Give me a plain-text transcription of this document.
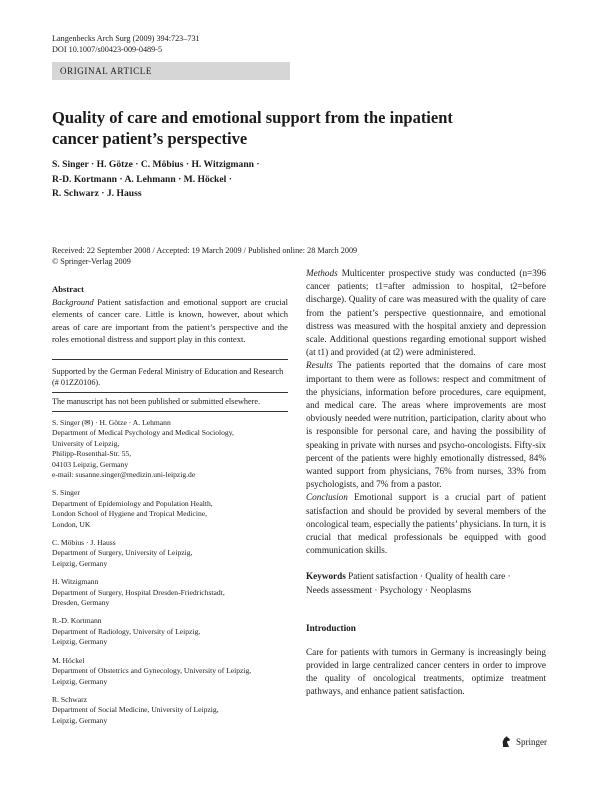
Langenbecks Arch Surg (2009) 394:723–731
DOI 10.1007/s00423-009-0489-5
ORIGINAL ARTICLE
Quality of care and emotional support from the inpatient
cancer patient’s perspective
S. Singer · H. Götze · C. Möbius · H. Witzigmann ·
R-D. Kortmann · A. Lehmann · M. Höckel ·
R. Schwarz · J. Hauss
Received: 22 September 2008 / Accepted: 19 March 2009 / Published online: 28 March 2009
© Springer-Verlag 2009

Abstract
Background Patient satisfaction and emotional support are crucial elements of cancer care. Little is known, however, about which areas of care are important from the patient’s perspective and the roles emotional distress and support play in this context.

Supported by the German Federal Ministry of Education and Research
(# 01ZZ0106).
The manuscript has not been published or submitted elsewhere.
S. Singer (✉) · H. Götze · A. Lehmann
Department of Medical Psychology and Medical Sociology,
University of Leipzig,
Philipp-Rosenthal-Str. 55,
04103 Leipzig, Germany
e-mail: susanne.singer@medizin.uni-leipzig.de
S. Singer
Department of Epidemiology and Population Health,
London School of Hygiene and Tropical Medicine,
London, UK
C. Möbius · J. Hauss
Department of Surgery, University of Leipzig,
Leipzig, Germany
H. Witzigmann
Department of Surgery, Hospital Dresden-Friedrichstadt,
Dresden, Germany
R.-D. Kortmann
Department of Radiology, University of Leipzig,
Leipzig, Germany
M. Höckel
Department of Obstetrics and Gynecology, University of Leipzig,
Leipzig, Germany
R. Schwarz
Department of Social Medicine, University of Leipzig,
Leipzig, Germany

Methods Multicenter prospective study was conducted (n=396 cancer patients; t1=after admission to hospital, t2=before discharge). Quality of care was measured with the quality of care from the patient’s perspective questionnaire, and emotional distress was measured with the hospital anxiety and depression scale. Additional questions regarding emotional support wished (at t1) and provided (at t2) were administered.

Results The patients reported that the domains of care most important to them were as follows: respect and commitment of the physicians, information before procedures, care equipment, and medical care. The areas where improvements are most obviously needed were nutrition, participation, clarity about who is responsible for personal care, and having the possibility of speaking in private with nurses and psycho-oncologists. Fifty-six percent of the patients were highly emotionally distressed, 84% wanted support from physicians, 76% from nurses, 33% from psychologists, and 7% from a pastor.

Conclusion Emotional support is a crucial part of patient satisfaction and should be provided by several members of the oncological team, especially the patients’ physicians. In turn, it is crucial that medical professionals be equipped with good communication skills.

Keywords Patient satisfaction · Quality of health care ·
Needs assessment · Psychology · Neoplasms
Introduction

Care for patients with tumors in Germany is increasingly being provided in large centralized cancer centers in order to improve the quality of oncological treatments, optimize treatment pathways, and enhance patient satisfaction.

Springer
